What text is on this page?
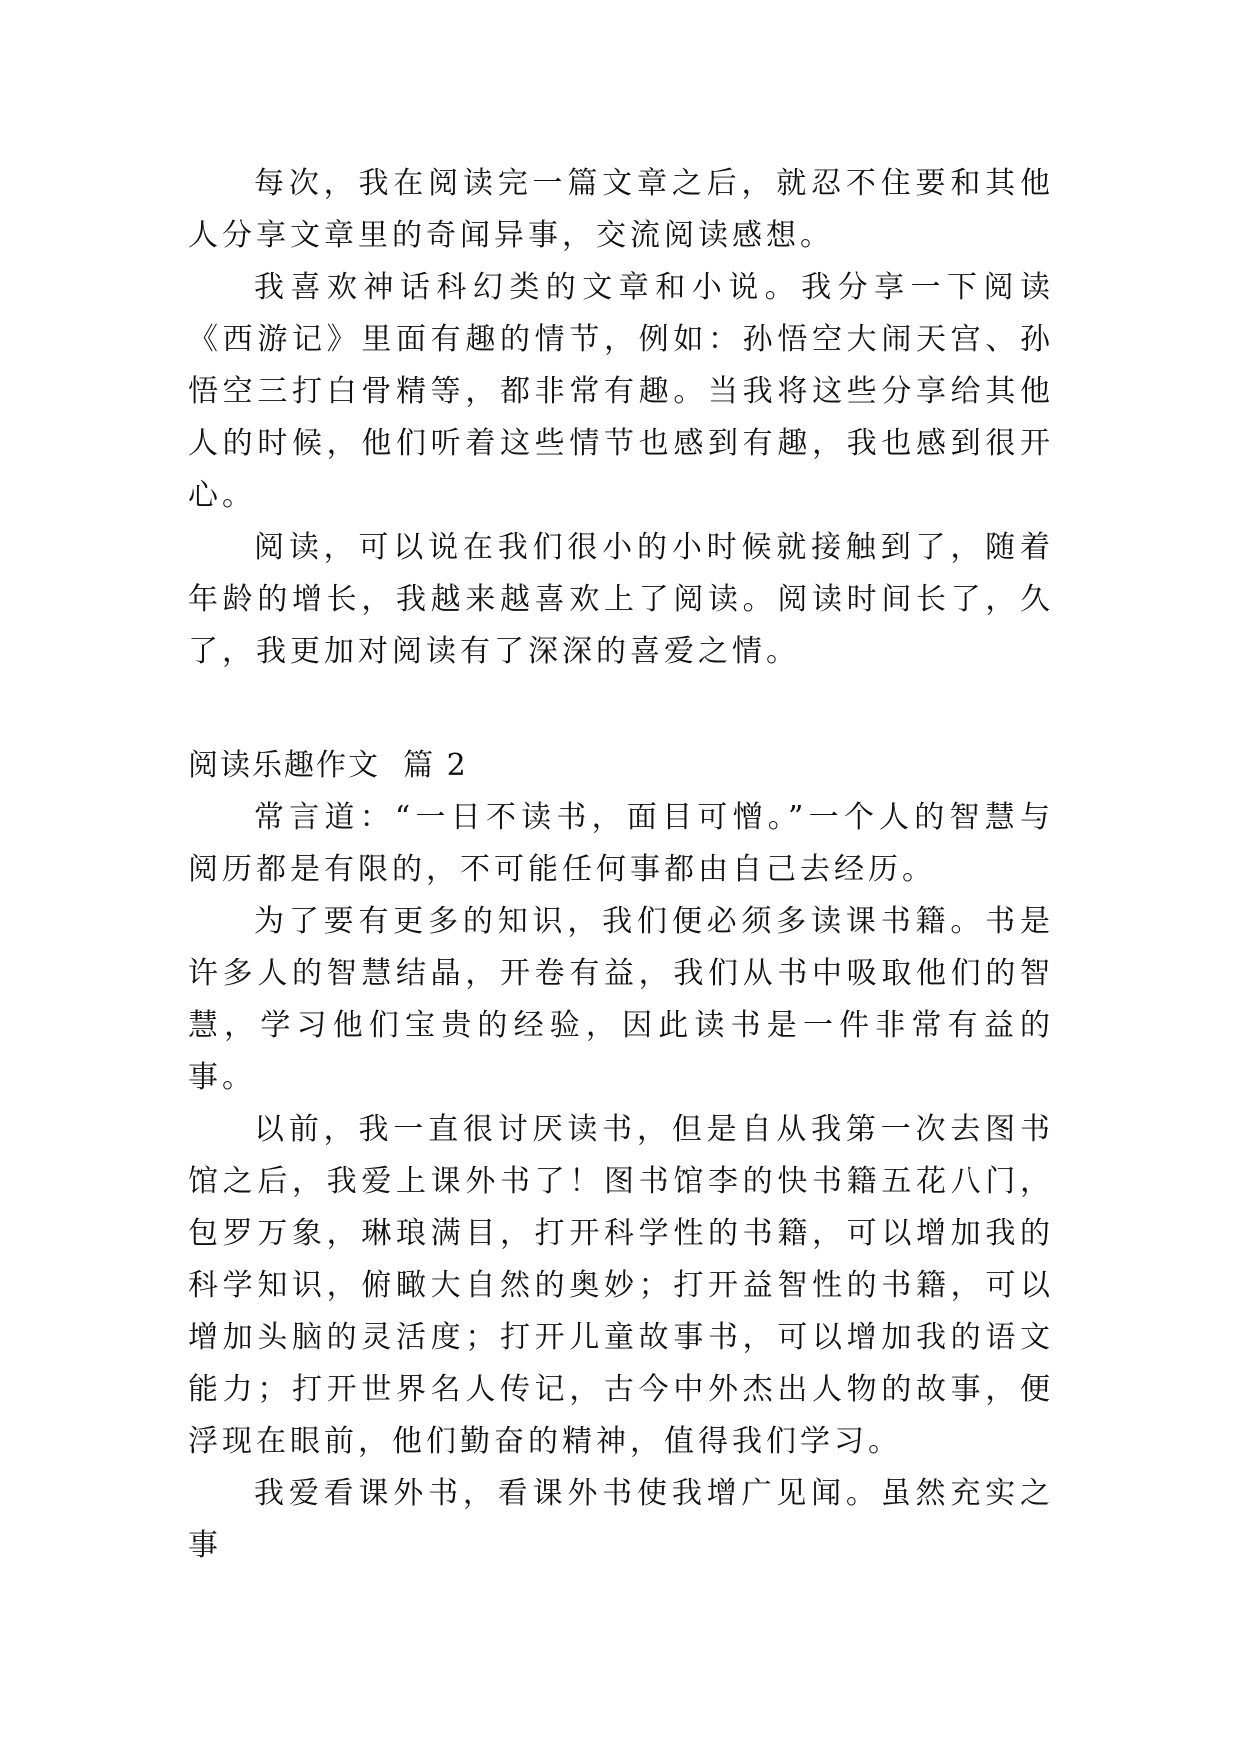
每次，我在阅读完一篇文章之后，就忍不住要和其他人分享文章里的奇闻异事，交流阅读感想。

我喜欢神话科幻类的文章和小说。我分享一下阅读《西游记》里面有趣的情节，例如：孙悟空大闹天宫、孙悟空三打白骨精等，都非常有趣。当我将这些分享给其他人的时候，他们听着这些情节也感到有趣，我也感到很开心。

阅读，可以说在我们很小的小时候就接触到了，随着年龄的增长，我越来越喜欢上了阅读。阅读时间长了，久了，我更加对阅读有了深深的喜爱之情。

阅读乐趣作文  篇 2

常言道：“一日不读书，面目可憎。”一个人的智慧与阅历都是有限的，不可能任何事都由自己去经历。

为了要有更多的知识，我们便必须多读课书籍。书是许多人的智慧结晶，开卷有益，我们从书中吸取他们的智慧，学习他们宝贵的经验，因此读书是一件非常有益的事。

以前，我一直很讨厌读书，但是自从我第一次去图书馆之后，我爱上课外书了！图书馆李的快书籍五花八门，包罗万象，琳琅满目，打开科学性的书籍，可以增加我的科学知识，俯瞰大自然的奥妙；打开益智性的书籍，可以增加头脑的灵活度；打开儿童故事书，可以增加我的语文能力；打开世界名人传记，古今中外杰出人物的故事，便浮现在眼前，他们勤奋的精神，值得我们学习。

我爱看课外书，看课外书使我增广见闻。虽然充实之事
